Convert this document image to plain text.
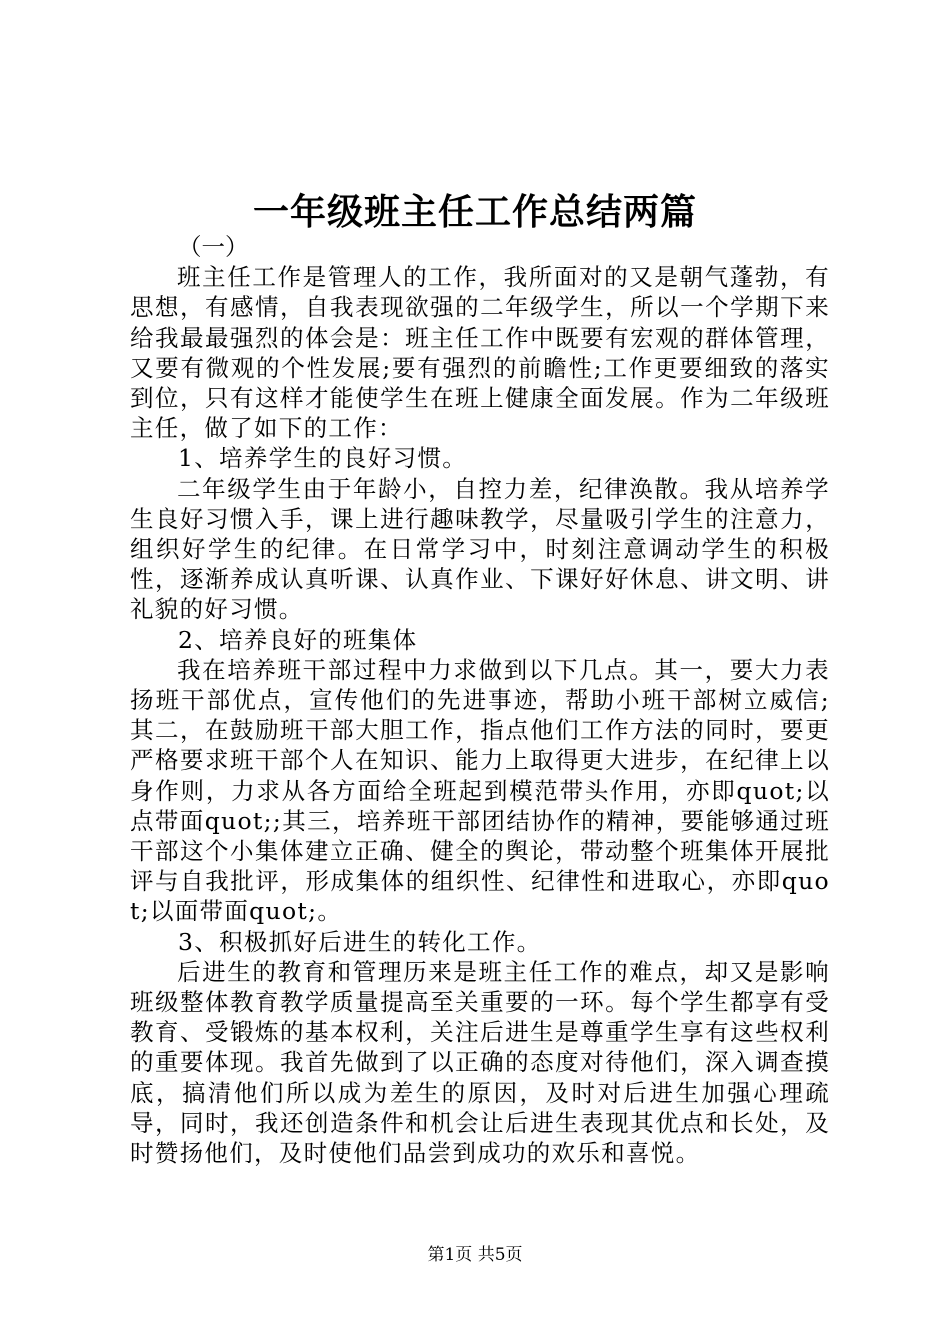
一年级班主任工作总结两篇

（一）

班主任工作是管理人的工作，我所面对的又是朝气蓬勃，有思想，有感情，自我表现欲强的二年级学生，所以一个学期下来给我最最强烈的体会是：班主任工作中既要有宏观的群体管理，又要有微观的个性发展;要有强烈的前瞻性;工作更要细致的落实到位，只有这样才能使学生在班上健康全面发展。作为二年级班主任，做了如下的工作：

1、培养学生的良好习惯。

二年级学生由于年龄小，自控力差，纪律涣散。我从培养学生良好习惯入手，课上进行趣味教学，尽量吸引学生的注意力，组织好学生的纪律。在日常学习中，时刻注意调动学生的积极性，逐渐养成认真听课、认真作业、下课好好休息、讲文明、讲礼貌的好习惯。

2、培养良好的班集体

我在培养班干部过程中力求做到以下几点。其一，要大力表扬班干部优点，宣传他们的先进事迹，帮助小班干部树立威信;其二，在鼓励班干部大胆工作，指点他们工作方法的同时，要更严格要求班干部个人在知识、能力上取得更大进步，在纪律上以身作则，力求从各方面给全班起到模范带头作用，亦即quot;以点带面quot;;其三，培养班干部团结协作的精神，要能够通过班干部这个小集体建立正确、健全的舆论，带动整个班集体开展批评与自我批评，形成集体的组织性、纪律性和进取心，亦即quot;以面带面quot;。

3、积极抓好后进生的转化工作。

后进生的教育和管理历来是班主任工作的难点，却又是影响班级整体教育教学质量提高至关重要的一环。每个学生都享有受教育、受锻炼的基本权利，关注后进生是尊重学生享有这些权利的重要体现。我首先做到了以正确的态度对待他们，深入调查摸底，搞清他们所以成为差生的原因，及时对后进生加强心理疏导，同时，我还创造条件和机会让后进生表现其优点和长处，及时赞扬他们，及时使他们品尝到成功的欢乐和喜悦。

第1页 共5页
